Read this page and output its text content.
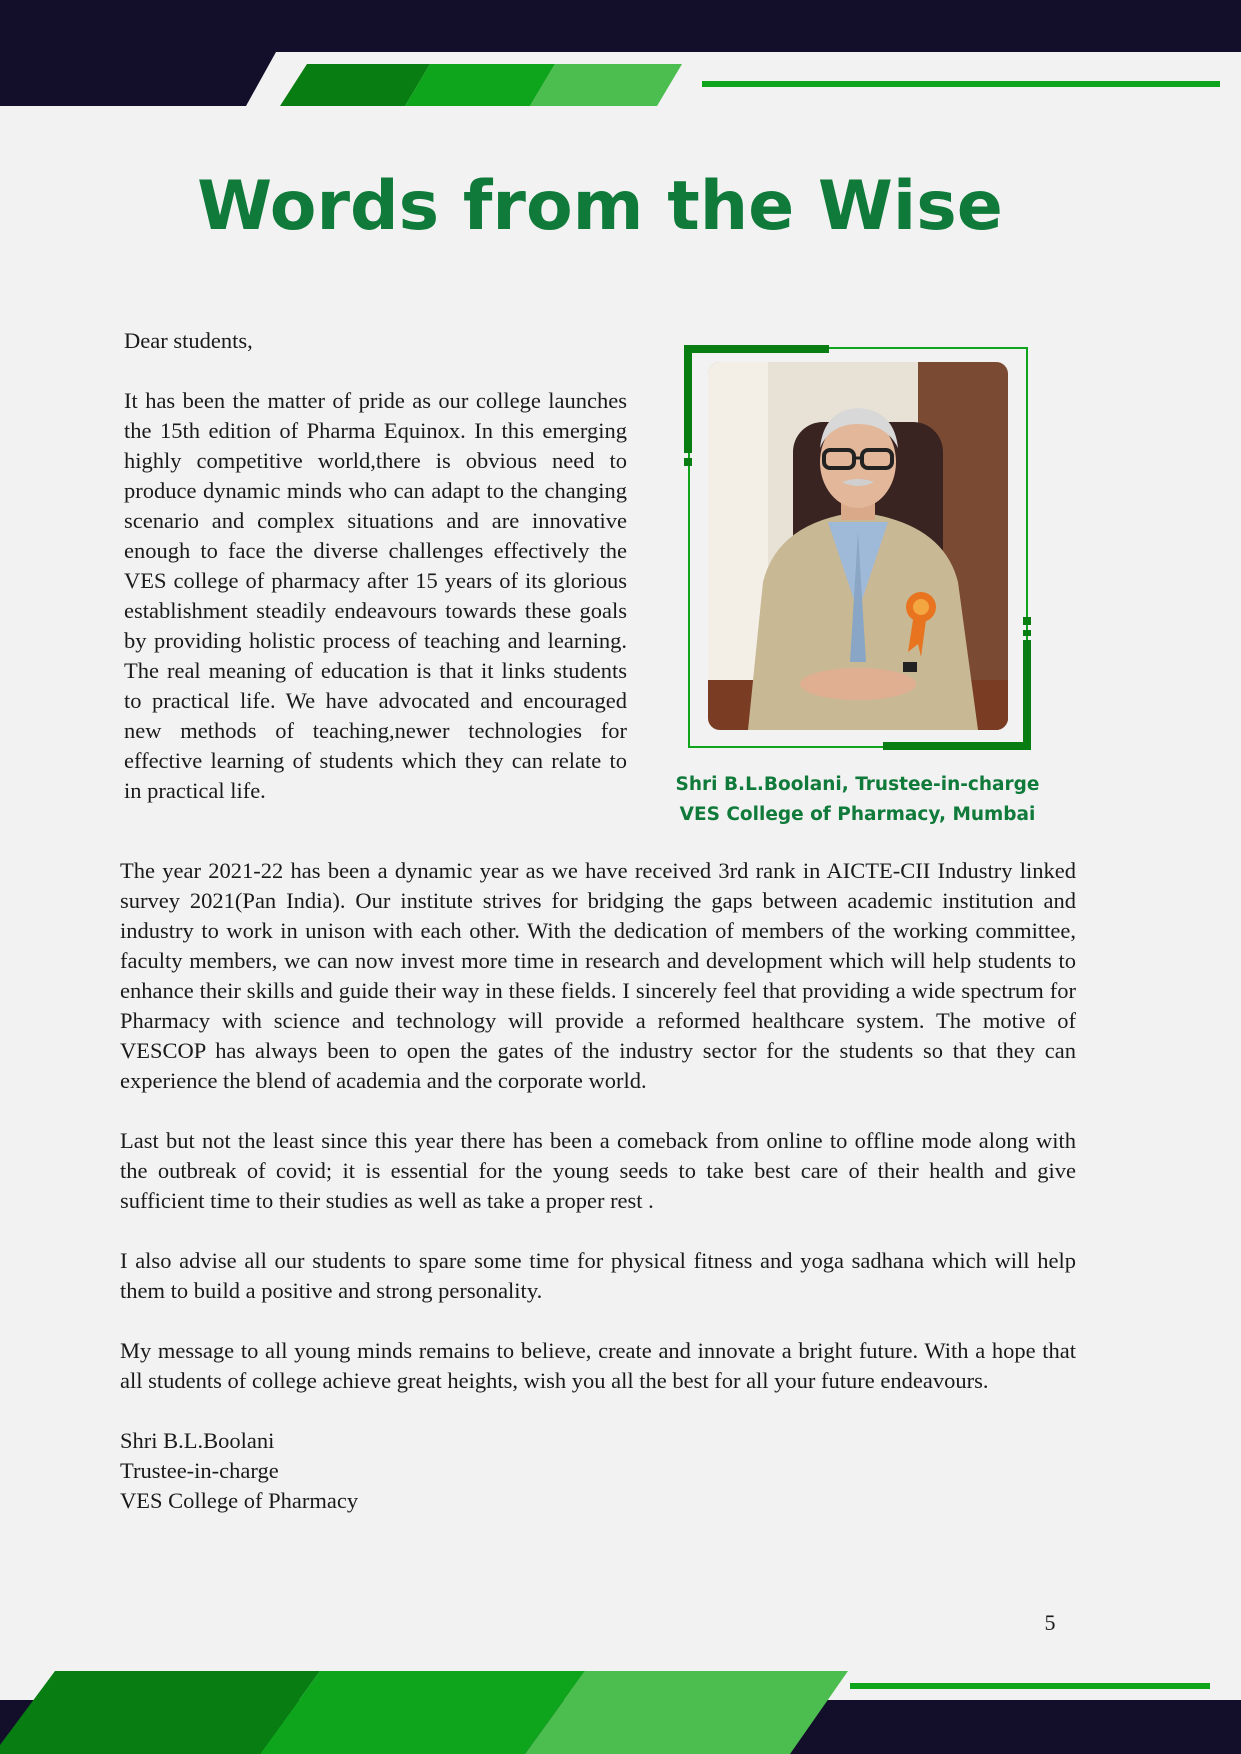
Words from the Wise

Dear students,

It has been the matter of pride as our college launches the 15th edition of Pharma Equinox. In this emerging highly competitive world,there is obvious need to produce dynamic minds who can adapt to the changing scenario and complex situations and are innovative enough to face the diverse challenges effectively the VES college of pharmacy after 15 years of its glorious establishment steadily endeavours towards these goals by providing holistic process of teaching and learning. The real meaning of education is that it links students to practical life. We have advocated and encouraged new methods of teaching,newer technologies for effective learning of students which they can relate to in practical life.	Shri B.L.Boolani, Trustee-in-charge
VES College of Pharmacy, Mumbai

The year 2021-22 has been a dynamic year as we have received 3rd rank in AICTE-CII Industry linked survey 2021(Pan India). Our institute strives for bridging the gaps between academic institution and industry to work in unison with each other. With the dedication of members of the working committee, faculty members, we can now invest more time in research and development which will help students to enhance their skills and guide their way in these fields. I sincerely feel that providing a wide spectrum for Pharmacy with science and technology will provide a reformed healthcare system. The motive of VESCOP has always been to open the gates of the industry sector for the students so that they can experience the blend of academia and the corporate world.

Last but not the least since this year there has been a comeback from online to offline mode along with the outbreak of covid; it is essential for the young seeds to take best care of their health and give sufficient time to their studies as well as take a proper rest .

I also advise all our students to spare some time for physical fitness and yoga sadhana which will help them to build a positive and strong personality.

My message to all young minds remains to believe, create and innovate a bright future. With a hope that all students of college achieve great heights, wish you all the best for all your future endeavours.

Shri B.L.Boolani
Trustee-in-charge
VES College of Pharmacy
5
